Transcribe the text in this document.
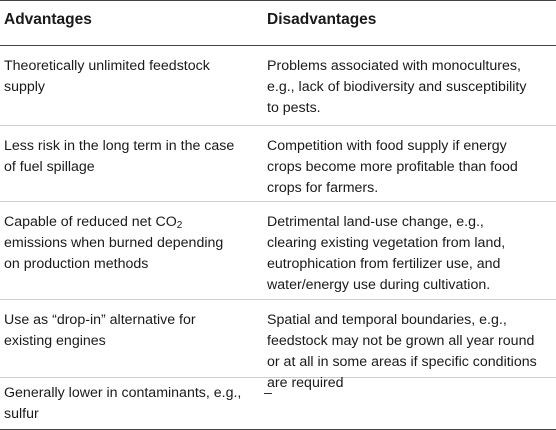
Advantages	Disadvantages
Theoretically unlimited feedstock
supply
Problems associated with monocultures,
e.g., lack of biodiversity and susceptibility
to pests.
Less risk in the long term in the case
of fuel spillage
Competition with food supply if energy
crops become more profitable than food
crops for farmers.
Capable of reduced net $CO_2$
emissions when burned depending
on production methods
Detrimental land-use change, e.g.,
clearing existing vegetation from land,
eutrophication from fertilizer use, and
water/energy use during cultivation.
Use as “drop-in” alternative for
existing engines
Spatial and temporal boundaries, e.g.,
feedstock may not be grown all year round
or at all in some areas if specific conditions
are required
Generally lower in contaminants, e.g.,
sulfur
–
